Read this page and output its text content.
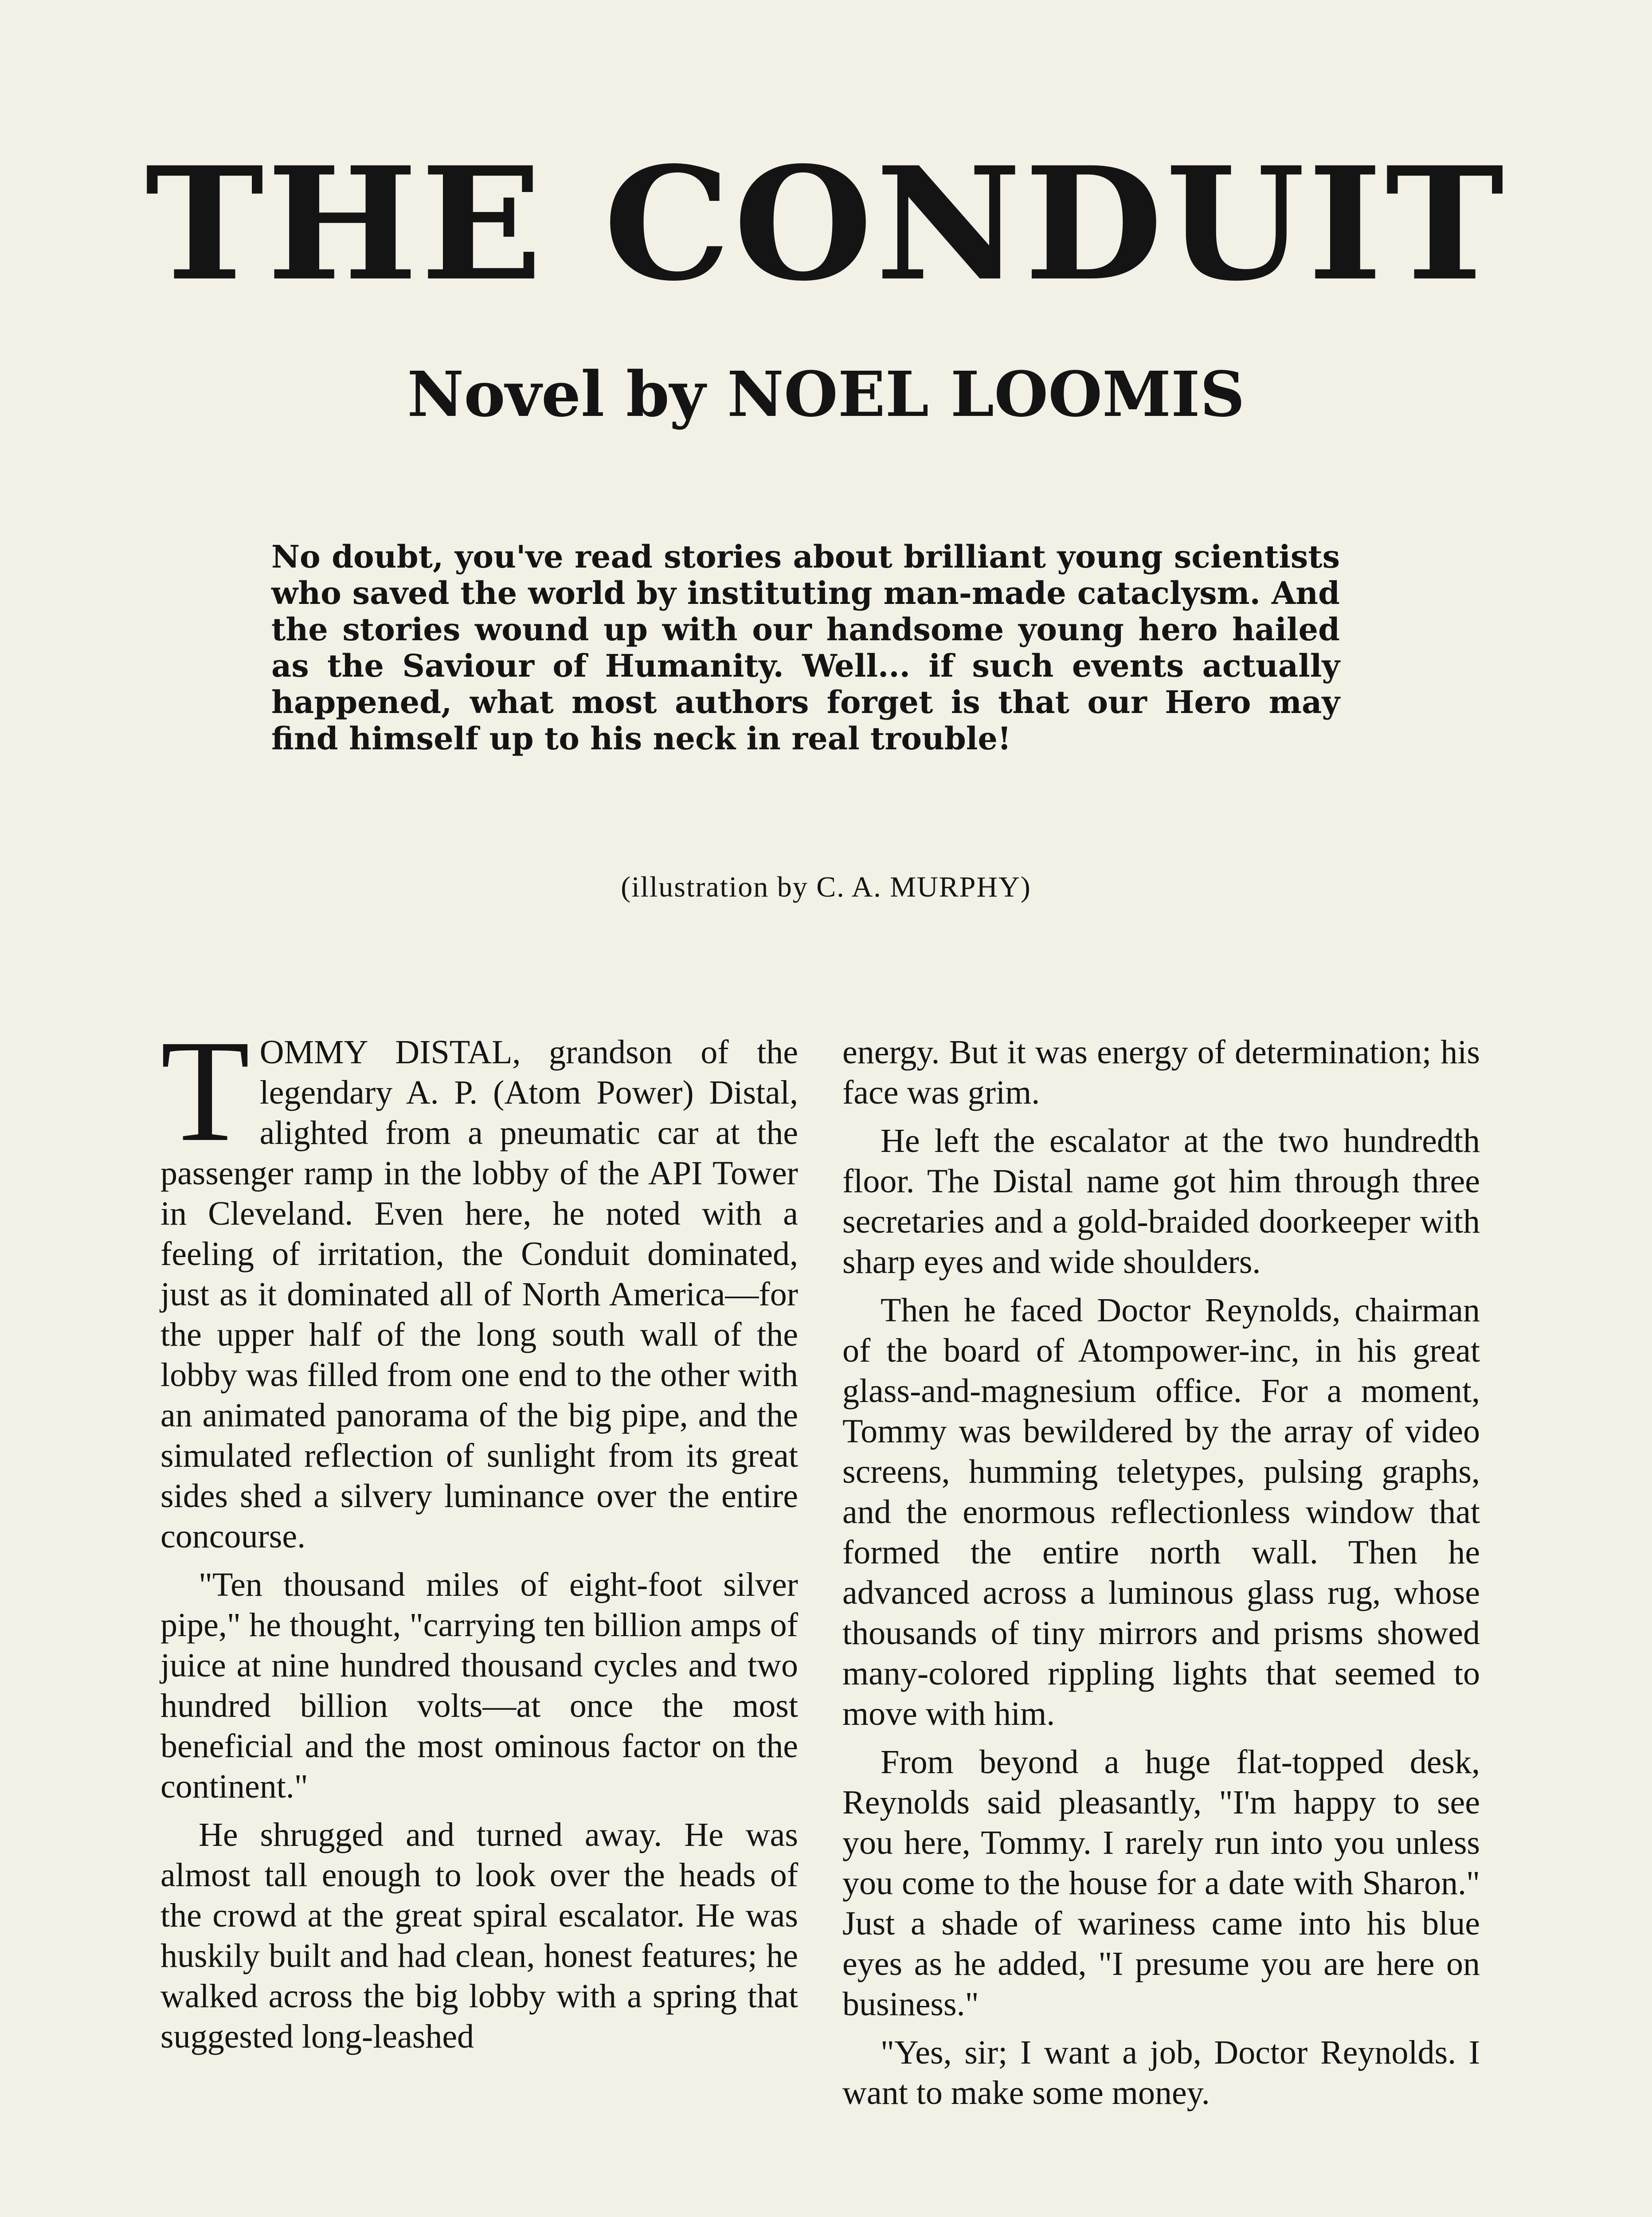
THE CONDUIT
Novel by NOEL LOOMIS

No doubt, you've read stories about brilliant young scientists who saved the world by instituting man-made cataclysm. And the stories wound up with our handsome young hero hailed as the Saviour of Humanity. Well... if such events actually happened, what most authors forget is that our Hero may find himself up to his neck in real trouble!

(illustration by C. A. MURPHY)

TOMMY DISTAL, grandson of the legendary A. P. (Atom Power) Distal, alighted from a pneumatic car at the passenger ramp in the lobby of the API Tower in Cleveland. Even here, he noted with a feeling of irritation, the Conduit dominated, just as it dominated all of North America—for the upper half of the long south wall of the lobby was filled from one end to the other with an animated panorama of the big pipe, and the simulated reflection of sunlight from its great sides shed a silvery luminance over the entire concourse.

"Ten thousand miles of eight-foot silver pipe," he thought, "carrying ten billion amps of juice at nine hundred thousand cycles and two hundred billion volts—at once the most beneficial and the most ominous factor on the continent."

He shrugged and turned away. He was almost tall enough to look over the heads of the crowd at the great spiral escalator. He was huskily built and had clean, honest features; he walked across the big lobby with a spring that suggested long-leashed

energy. But it was energy of determination; his face was grim.

He left the escalator at the two hundredth floor. The Distal name got him through three secretaries and a gold-braided doorkeeper with sharp eyes and wide shoulders.

Then he faced Doctor Reynolds, chairman of the board of Atompower-inc, in his great glass-and-magnesium office. For a moment, Tommy was bewildered by the array of video screens, humming teletypes, pulsing graphs, and the enormous reflectionless window that formed the entire north wall. Then he advanced across a luminous glass rug, whose thousands of tiny mirrors and prisms showed many-colored rippling lights that seemed to move with him.

From beyond a huge flat-topped desk, Reynolds said pleasantly, "I'm happy to see you here, Tommy. I rarely run into you unless you come to the house for a date with Sharon." Just a shade of wariness came into his blue eyes as he added, "I presume you are here on business."

"Yes, sir; I want a job, Doctor Reynolds. I want to make some money.
